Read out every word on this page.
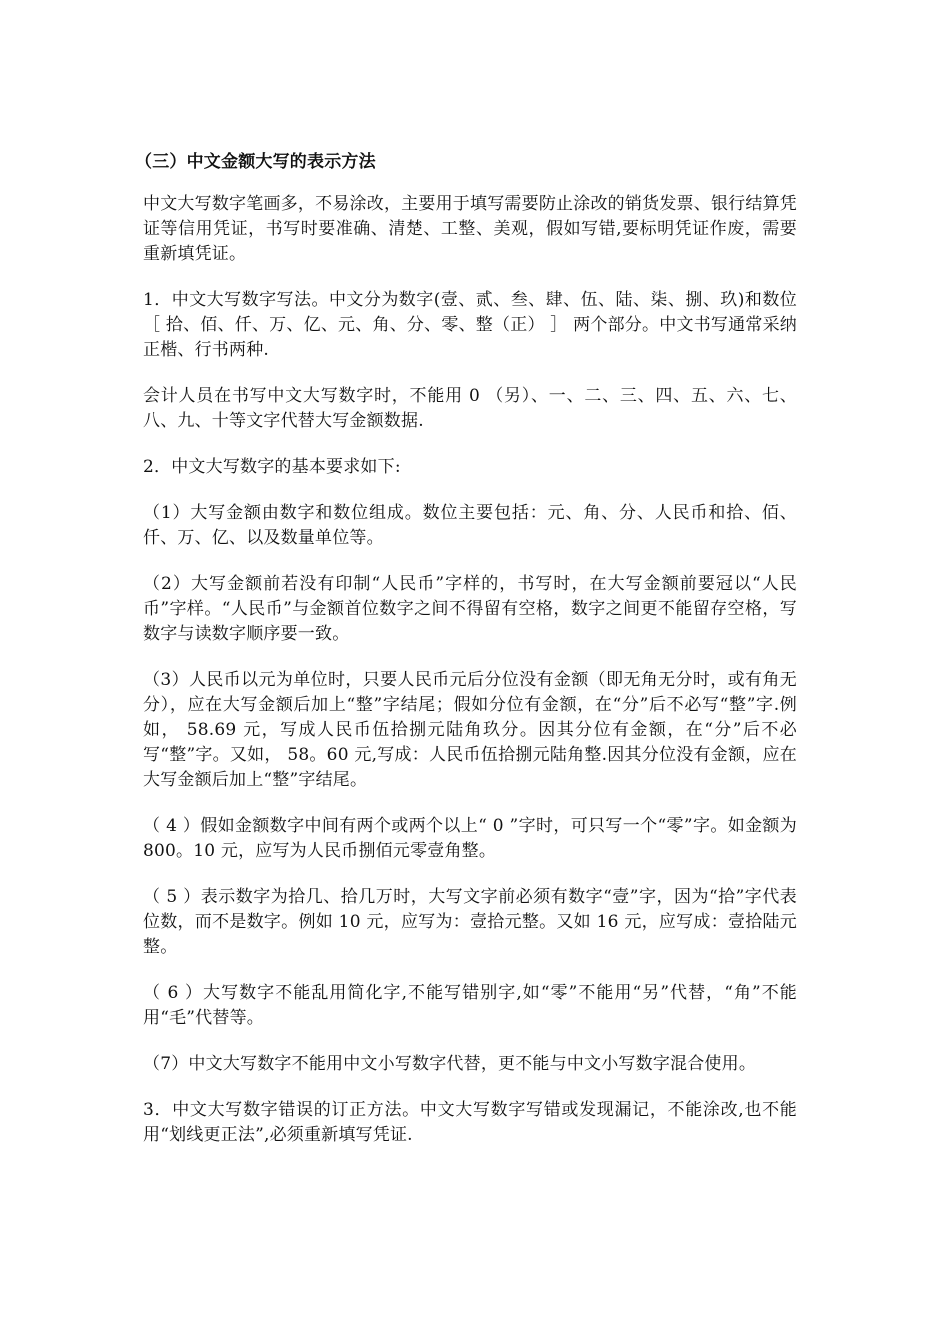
（三）中文金额大写的表示方法

中文大写数字笔画多，不易涂改，主要用于填写需要防止涂改的销货发票、银行结算凭证等信用凭证，书写时要准确、清楚、工整、美观，假如写错,要标明凭证作废，需要重新填凭证。

1．中文大写数字写法。中文分为数字(壹、贰、叁、肆、伍、陆、柒、捌、玖)和数位 ［ 拾、佰、仟、万、亿、元、角、分、零、整（正） ］ 两个部分。中文书写通常采纳正楷、行书两种.

会计人员在书写中文大写数字时，不能用 0 （另）、一、二、三、四、五、六、七、八、九、十等文字代替大写金额数据.

2．中文大写数字的基本要求如下:

（1）大写金额由数字和数位组成。数位主要包括：元、角、分、人民币和拾、佰、仟、万、亿、以及数量单位等。

（2）大写金额前若没有印制“人民币”字样的，书写时，在大写金额前要冠以“人民币”字样。“人民币”与金额首位数字之间不得留有空格，数字之间更不能留存空格，写数字与读数字顺序要一致。

（3）人民币以元为单位时，只要人民币元后分位没有金额（即无角无分时，或有角无分），应在大写金额后加上“整”字结尾；假如分位有金额，在“分”后不必写“整”字.例如， 58.69 元，写成人民币伍拾捌元陆角玖分。因其分位有金额，在“分”后不必写“整”字。又如， 58。60 元,写成：人民币伍拾捌元陆角整.因其分位没有金额，应在大写金额后加上“整”字结尾。

（ 4 ）假如金额数字中间有两个或两个以上“ 0 ”字时，可只写一个“零”字。如金额为 800。10 元，应写为人民币捌佰元零壹角整。

（ 5 ）表示数字为拾几、拾几万时，大写文字前必须有数字“壹”字，因为“拾”字代表位数，而不是数字。例如 10 元，应写为：壹拾元整。又如 16 元，应写成：壹拾陆元整。

（ 6 ）大写数字不能乱用简化字,不能写错别字,如“零”不能用“另”代替，“角”不能用“毛”代替等。

（7）中文大写数字不能用中文小写数字代替，更不能与中文小写数字混合使用。

3．中文大写数字错误的订正方法。中文大写数字写错或发现漏记，不能涂改,也不能用“划线更正法”,必须重新填写凭证.
